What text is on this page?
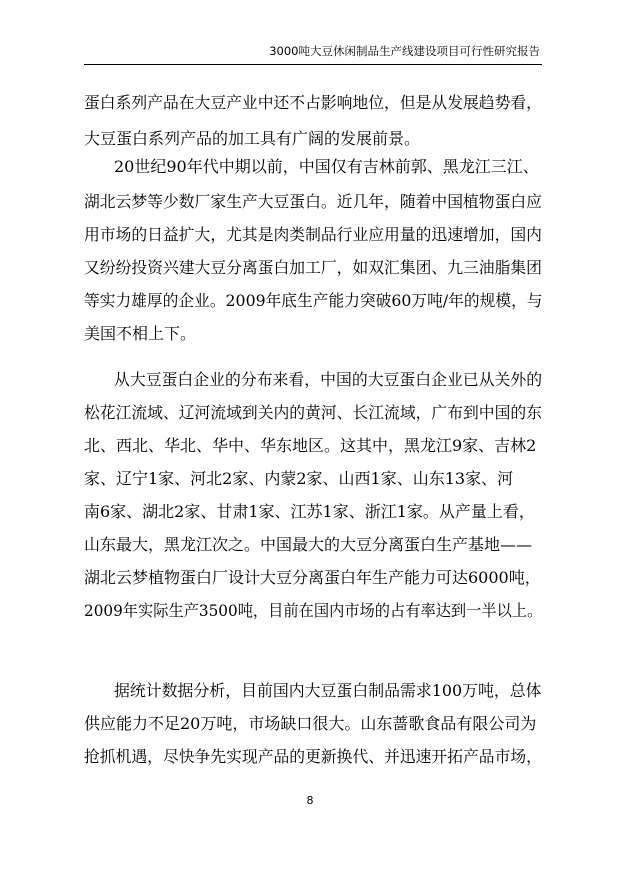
3000吨大豆休闲制品生产线建设项目可行性研究报告
蛋白系列产品在大豆产业中还不占影响地位，但是从发展趋势看，
大豆蛋白系列产品的加工具有广阔的发展前景。
20世纪90年代中期以前，中国仅有吉林前郭、黑龙江三江、
湖北云梦等少数厂家生产大豆蛋白。近几年，随着中国植物蛋白应
用市场的日益扩大，尤其是肉类制品行业应用量的迅速增加，国内
又纷纷投资兴建大豆分离蛋白加工厂，如双汇集团、九三油脂集团
等实力雄厚的企业。2009年底生产能力突破60万吨/年的规模，与
美国不相上下。
从大豆蛋白企业的分布来看，中国的大豆蛋白企业已从关外的
松花江流域、辽河流域到关内的黄河、长江流域，广布到中国的东
北、西北、华北、华中、华东地区。这其中，黑龙江9家、吉林2
家、辽宁1家、河北2家、内蒙2家、山西1家、山东13家、河
南6家、湖北2家、甘肃1家、江苏1家、浙江1家。从产量上看，
山东最大，黑龙江次之。中国最大的大豆分离蛋白生产基地——
湖北云梦植物蛋白厂设计大豆分离蛋白年生产能力可达6000吨，
2009年实际生产3500吨，目前在国内市场的占有率达到一半以上。
据统计数据分析，目前国内大豆蛋白制品需求100万吨，总体
供应能力不足20万吨，市场缺口很大。山东蔷歌食品有限公司为
抢抓机遇，尽快争先实现产品的更新换代、并迅速开拓产品市场，
8
